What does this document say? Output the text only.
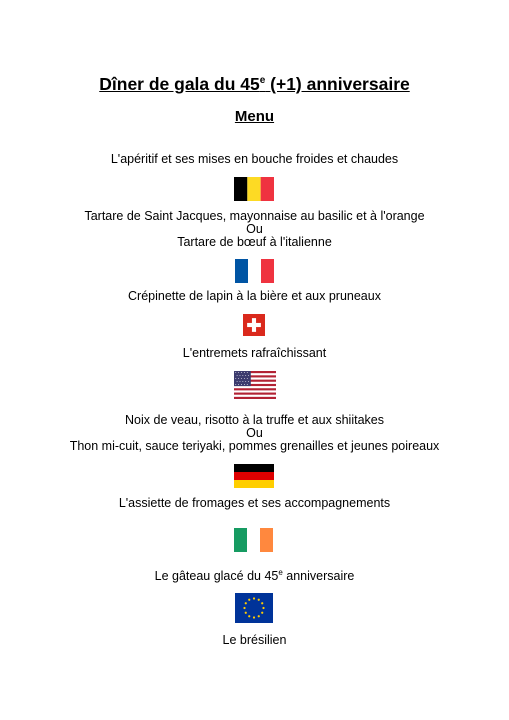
Dîner de gala du 45e (+1) anniversaire
Menu
L'apéritif et ses mises en bouche froides et chaudes
Tartare de Saint Jacques, mayonnaise au basilic et à l'orange
Ou
Tartare de bœuf à l'italienne
Crépinette de lapin à la bière et aux pruneaux
L'entremets rafraîchissant
Noix de veau, risotto à la truffe et aux shiitakes
Ou
Thon mi-cuit, sauce teriyaki, pommes grenailles et jeunes poireaux
L'assiette de fromages et ses accompagnements
Le gâteau glacé du 45e anniversaire
Le brésilien
